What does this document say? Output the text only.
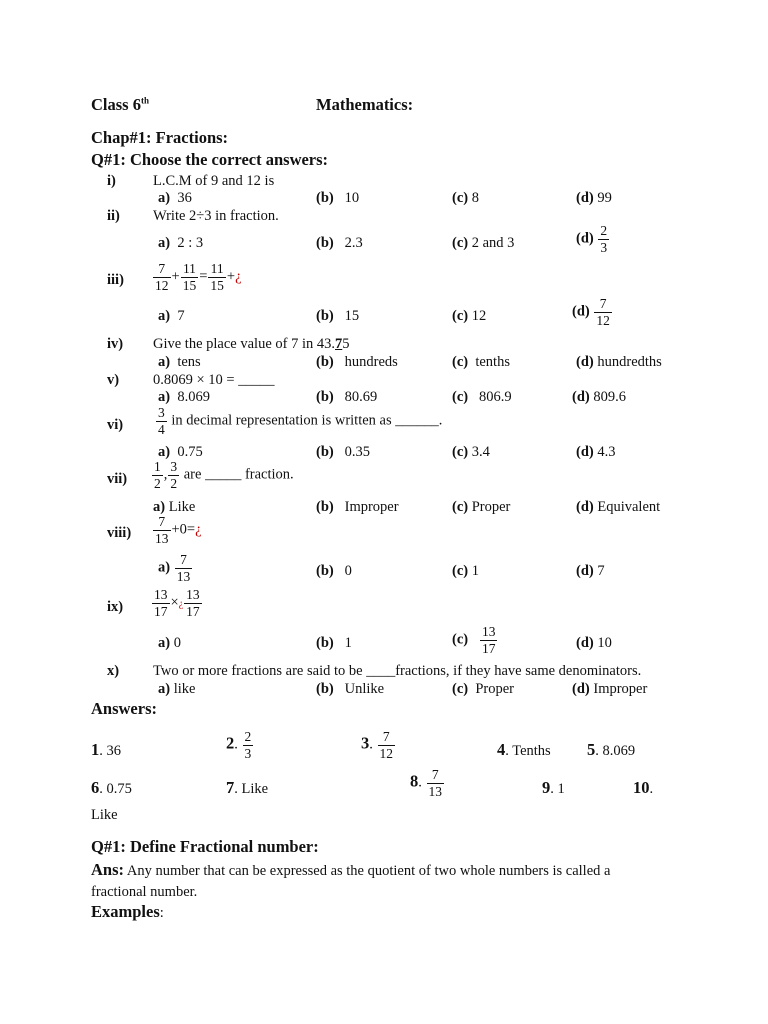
Class 6th	Mathematics:
Chap#1: Fractions:
Q#1: Choose the correct answers:
i)	L.C.M of 9 and 12 is
a) 36	(b) 10	(c) 8	(d) 99
ii) Write 2÷3 in fraction.
a) 2 : 3	(b) 2.3	(c) 2 and 3	$(d) \frac{2}{3}$
$iii) \frac{7}{12} + \frac{11}{15} = \frac{11}{15}$ +¿
a) 7	(b) 15	(c) 12	$(d) \frac{7}{12}$
iv) Give the place value of 7 in 43.75
a) tens	(b) hundreds	(c) tenths	(d) hundredths
v) 0.8069 × 10 = _____
a) 8.069	(b) 80.69	(c) 806.9	(d) 809.6
$vi) \frac{3}{4}$ in decimal representation is written as ______.
a) 0.75	(b) 0.35	(c) 3.4	(d) 4.3
$vii) \frac{1}{2}$ , $\frac{3}{2}$ are _____ fraction.
a) Like	(b) Improper	(c) Proper	(d) Equivalent
viii) $\frac{7}{13}$ +0=¿
$a) \frac{7}{13}$	(b) 0	(c) 1	(d) 7
$ix) \frac{13}{17}$ ×¿ $\frac{13}{17}$
a) 0	(b) 1	$(c) \frac{13}{17}$	(d) 10
x) Two or more fractions are said to be ____fractions, if they have same denominators.
a) like	(b) Unlike	(c) Proper	(d) Improper
Answers:
1. 36	2. $\frac{2}{3}$	3. $\frac{7}{12}$	4. Tenths 5. 8.069
6. 0.75	7. Like	8. $\frac{7}{13}$	9. 1	10.
Like
Q#1: Define Fractional number:
Ans: Any number that can be expressed as the quotient of two whole numbers is called a fractional number.
Examples:
